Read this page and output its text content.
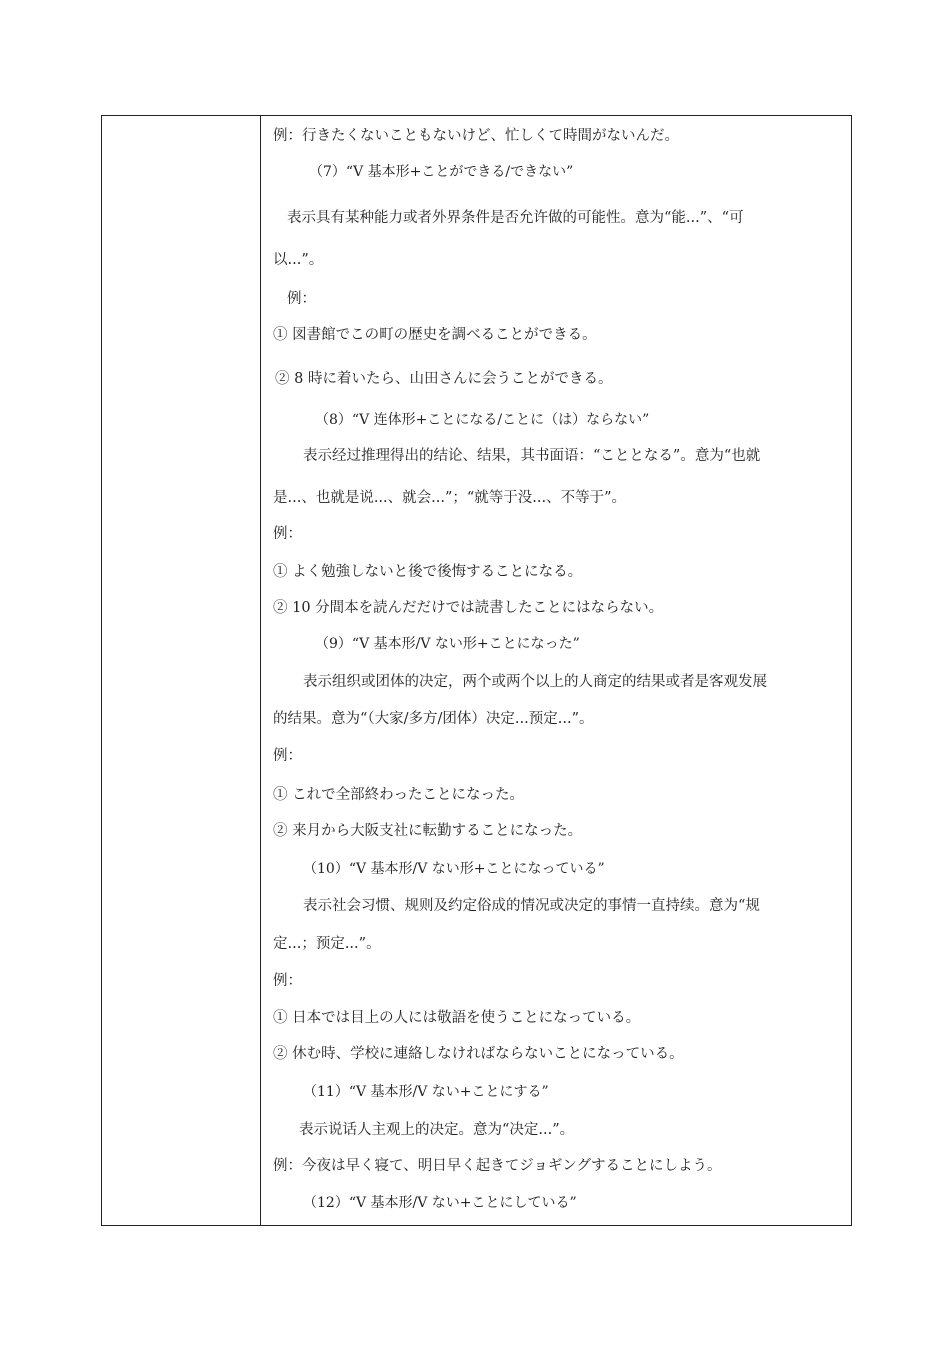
例：行きたくないこともないけど、忙しくて時間がないんだ。
（7）“V 基本形+ことができる/できない”
表示具有某种能力或者外界条件是否允许做的可能性。意为“能...”、“可
以...”。
例：
① 図書館でこの町の歴史を調べることができる。
② 8 時に着いたら、山田さんに会うことができる。
（8）“V 连体形+ことになる/ことに（は）ならない”
表示经过推理得出的结论、结果，其书面语：“こととなる”。意为“也就
是...、也就是说...、就会...”；“就等于没...、不等于”。
例：
① よく勉強しないと後で後悔することになる。
② 10 分間本を読んだだけでは読書したことにはならない。
（9）“V 基本形/V ない形+ことになった”
表示组织或团体的决定，两个或两个以上的人商定的结果或者是客观发展
的结果。意为“（大家/多方/团体）决定...预定...”。
例：
① これで全部終わったことになった。
② 来月から大阪支社に転勤することになった。
（10）“V 基本形/V ない形+ことになっている”
表示社会习惯、规则及约定俗成的情况或决定的事情一直持续。意为“规
定...；预定...”。
例：
① 日本では目上の人には敬語を使うことになっている。
② 休む時、学校に連絡しなければならないことになっている。
（11）“V 基本形/V ない+ことにする”
表示说话人主观上的决定。意为“决定...”。
例：今夜は早く寝て、明日早く起きてジョギングすることにしよう。
（12）“V 基本形/V ない+ことにしている”
